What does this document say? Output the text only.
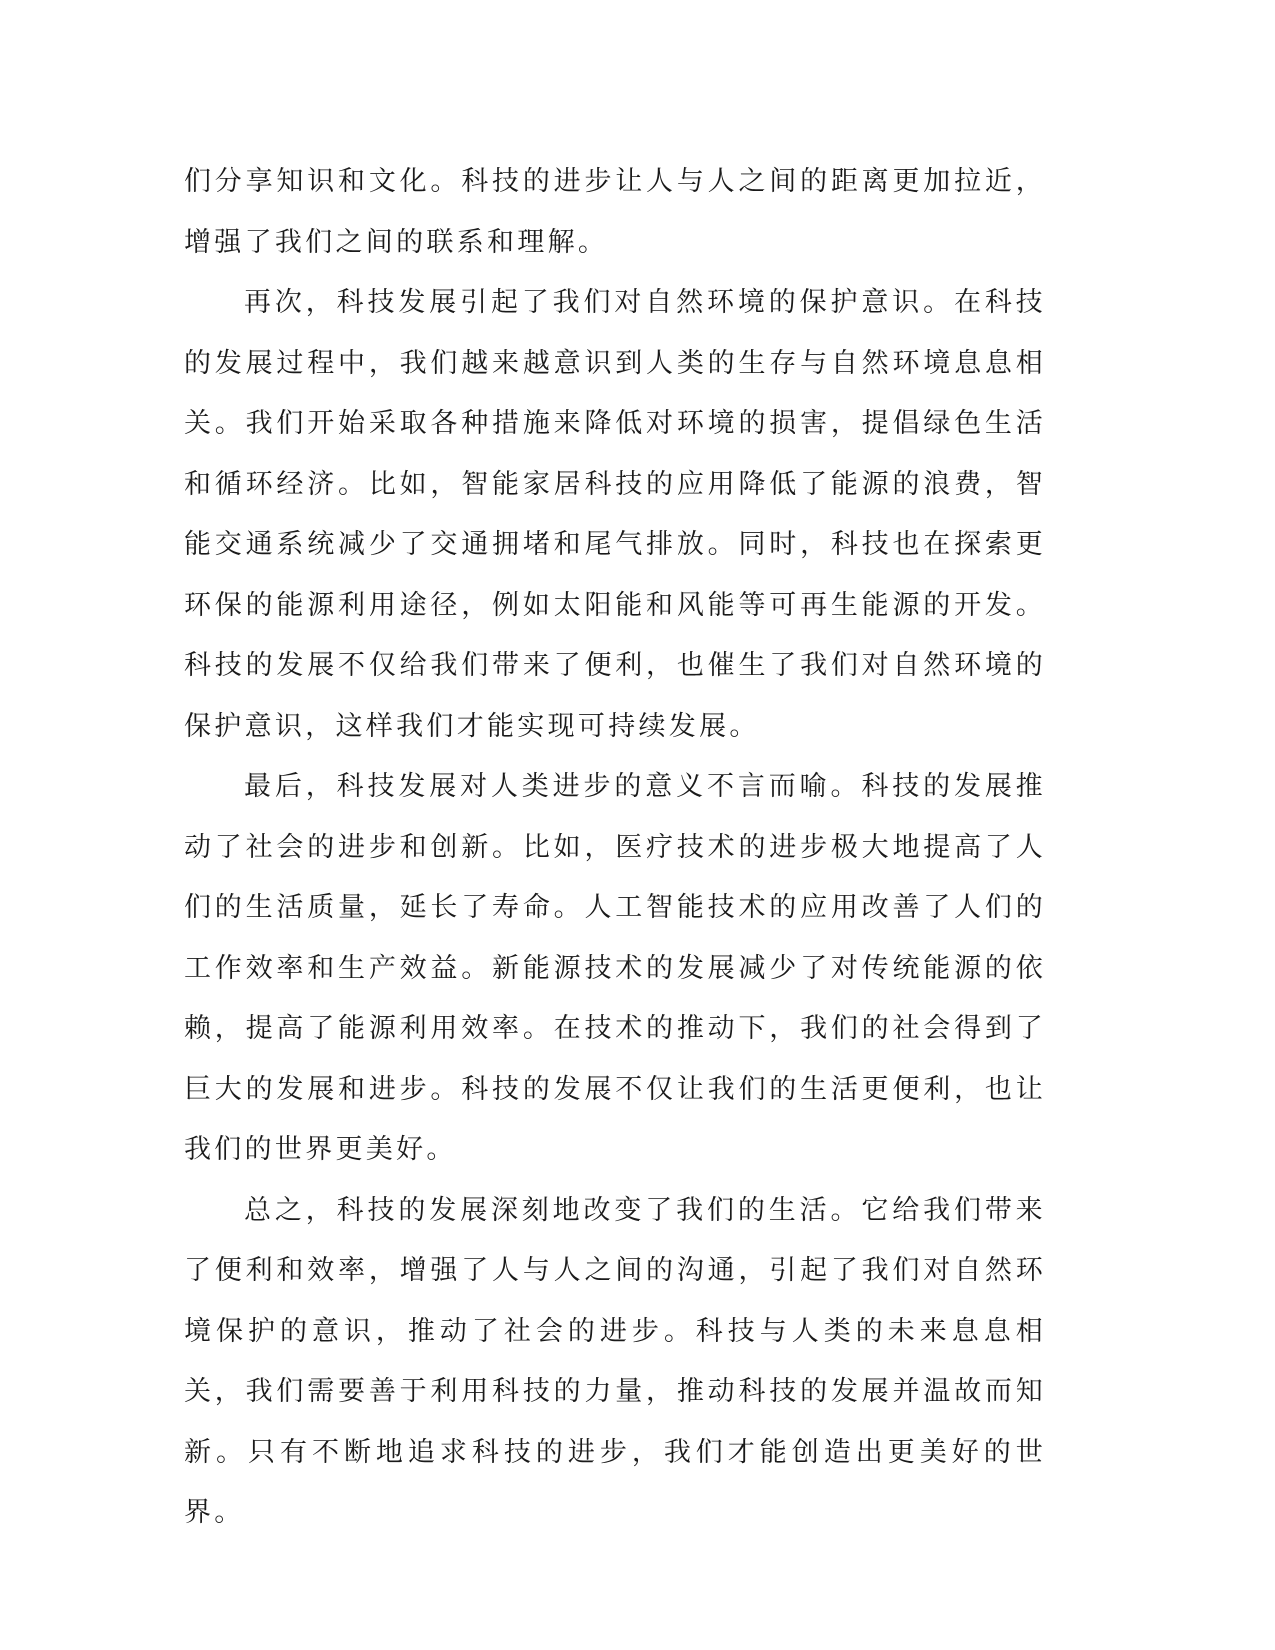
们分享知识和文化。科技的进步让人与人之间的距离更加拉近，增强了我们之间的联系和理解。

再次，科技发展引起了我们对自然环境的保护意识。在科技的发展过程中，我们越来越意识到人类的生存与自然环境息息相关。我们开始采取各种措施来降低对环境的损害，提倡绿色生活和循环经济。比如，智能家居科技的应用降低了能源的浪费，智能交通系统减少了交通拥堵和尾气排放。同时，科技也在探索更环保的能源利用途径，例如太阳能和风能等可再生能源的开发。科技的发展不仅给我们带来了便利，也催生了我们对自然环境的保护意识，这样我们才能实现可持续发展。

最后，科技发展对人类进步的意义不言而喻。科技的发展推动了社会的进步和创新。比如，医疗技术的进步极大地提高了人们的生活质量，延长了寿命。人工智能技术的应用改善了人们的工作效率和生产效益。新能源技术的发展减少了对传统能源的依赖，提高了能源利用效率。在技术的推动下，我们的社会得到了巨大的发展和进步。科技的发展不仅让我们的生活更便利，也让我们的世界更美好。

总之，科技的发展深刻地改变了我们的生活。它给我们带来了便利和效率，增强了人与人之间的沟通，引起了我们对自然环境保护的意识，推动了社会的进步。科技与人类的未来息息相关，我们需要善于利用科技的力量，推动科技的发展并温故而知新。只有不断地追求科技的进步，我们才能创造出更美好的世界。
